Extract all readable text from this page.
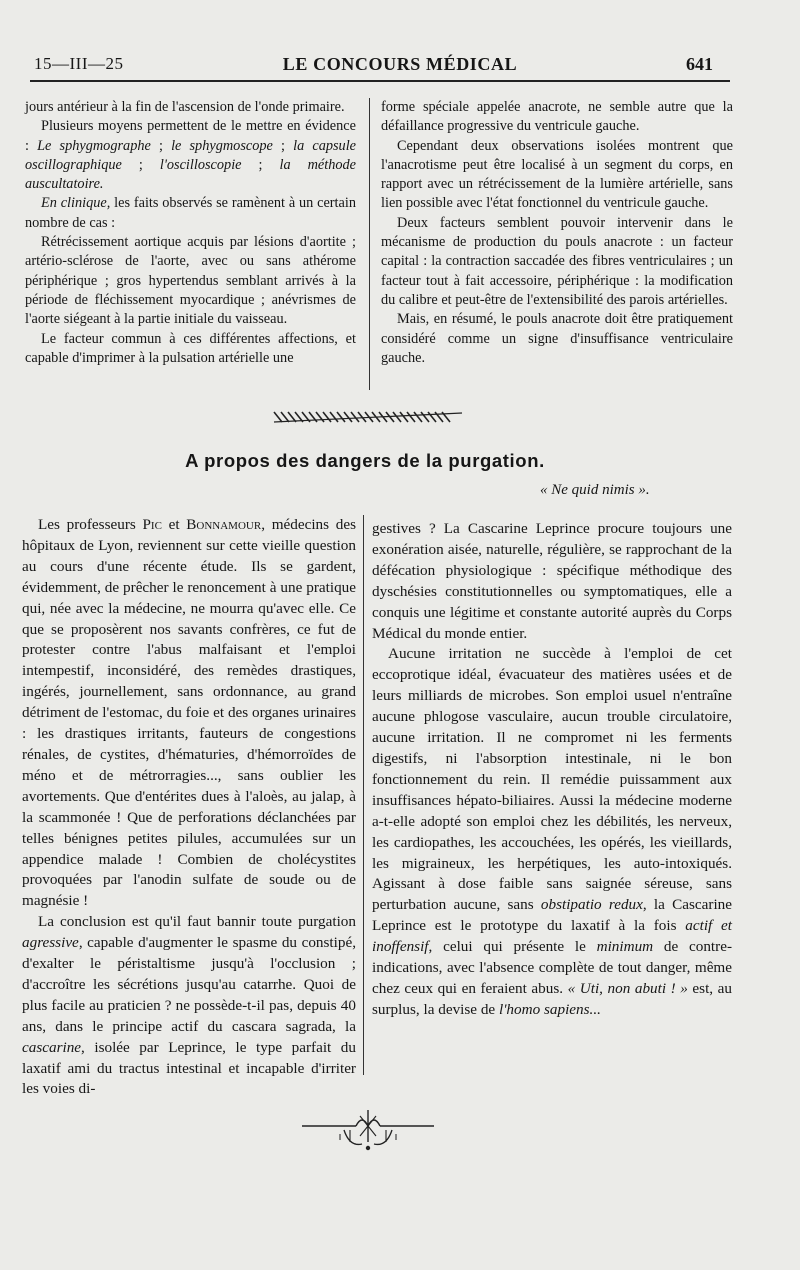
15—III—25	LE CONCOURS MÉDICAL	641

jours antérieur à la fin de l'ascension de l'onde primaire.

Plusieurs moyens permettent de le mettre en évidence : Le sphygmographe ; le sphygmoscope ; la capsule oscillographique ; l'oscilloscopie ; la méthode auscultatoire.

En clinique, les faits observés se ramènent à un certain nombre de cas :

Rétrécissement aortique acquis par lésions d'aortite ; artério-sclérose de l'aorte, avec ou sans athérome périphérique ; gros hypertendus semblant arrivés à la période de fléchissement myocardique ; anévrismes de l'aorte siégeant à la partie initiale du vaisseau.

Le facteur commun à ces différentes affections, et capable d'imprimer à la pulsation artérielle une

forme spéciale appelée anacrote, ne semble autre que la défaillance progressive du ventricule gauche.

Cependant deux observations isolées montrent que l'anacrotisme peut être localisé à un segment du corps, en rapport avec un rétrécissement de la lumière artérielle, sans lien possible avec l'état fonctionnel du ventricule gauche.

Deux facteurs semblent pouvoir intervenir dans le mécanisme de production du pouls anacrote : un facteur capital : la contraction saccadée des fibres ventriculaires ; un facteur tout à fait accessoire, périphérique : la modification du calibre et peut-être de l'extensibilité des parois artérielles.

Mais, en résumé, le pouls anacrote doit être pratiquement considéré comme un signe d'insuffisance ventriculaire gauche.

A propos des dangers de la purgation.
« Ne quid nimis ».

Les professeurs Pic et Bonnamour, médecins des hôpitaux de Lyon, reviennent sur cette vieille question au cours d'une récente étude. Ils se gardent, évidemment, de prêcher le renoncement à une pratique qui, née avec la médecine, ne mourra qu'avec elle. Ce que se proposèrent nos savants confrères, ce fut de protester contre l'abus malfaisant et l'emploi intempestif, inconsidéré, des remèdes drastiques, ingérés, journellement, sans ordonnance, au grand détriment de l'estomac, du foie et des organes urinaires : les drastiques irritants, fauteurs de congestions rénales, de cystites, d'hématuries, d'hémorroïdes de méno et de métrorragies..., sans oublier les avortements. Que d'entérites dues à l'aloès, au jalap, à la scammonée ! Que de perforations déclanchées par telles bénignes petites pilules, accumulées sur un appendice malade ! Combien de cholécystites provoquées par l'anodin sulfate de soude ou de magnésie !

La conclusion est qu'il faut bannir toute purgation agressive, capable d'augmenter le spasme du constipé, d'exalter le péristaltisme jusqu'à l'occlusion ; d'accroître les sécrétions jusqu'au catarrhe. Quoi de plus facile au praticien ? ne possède-t-il pas, depuis 40 ans, dans le principe actif du cascara sagrada, la cascarine, isolée par Leprince, le type parfait du laxatif ami du tractus intestinal et incapable d'irriter les voies di-

gestives ? La Cascarine Leprince procure toujours une exonération aisée, naturelle, régulière, se rapprochant de la défécation physiologique : spécifique méthodique des dyschésies constitutionnelles ou symptomatiques, elle a conquis une légitime et constante autorité auprès du Corps Médical du monde entier.

Aucune irritation ne succède à l'emploi de cet eccoprotique idéal, évacuateur des matières usées et de leurs milliards de microbes. Son emploi usuel n'entraîne aucune phlogose vasculaire, aucun trouble circulatoire, aucune irritation. Il ne compromet ni les ferments digestifs, ni l'absorption intestinale, ni le bon fonctionnement du rein. Il remédie puissamment aux insuffisances hépato-biliaires. Aussi la médecine moderne a-t-elle adopté son emploi chez les débilités, les nerveux, les cardiopathes, les accouchées, les opérés, les vieillards, les migraineux, les herpétiques, les auto-intoxiqués. Agissant à dose faible sans saignée séreuse, sans perturbation aucune, sans obstipatio redux, la Cascarine Leprince est le prototype du laxatif à la fois actif et inoffensif, celui qui présente le minimum de contre-indications, avec l'absence complète de tout danger, même chez ceux qui en feraient abus. « Uti, non abuti ! » est, au surplus, la devise de l'homo sapiens...
